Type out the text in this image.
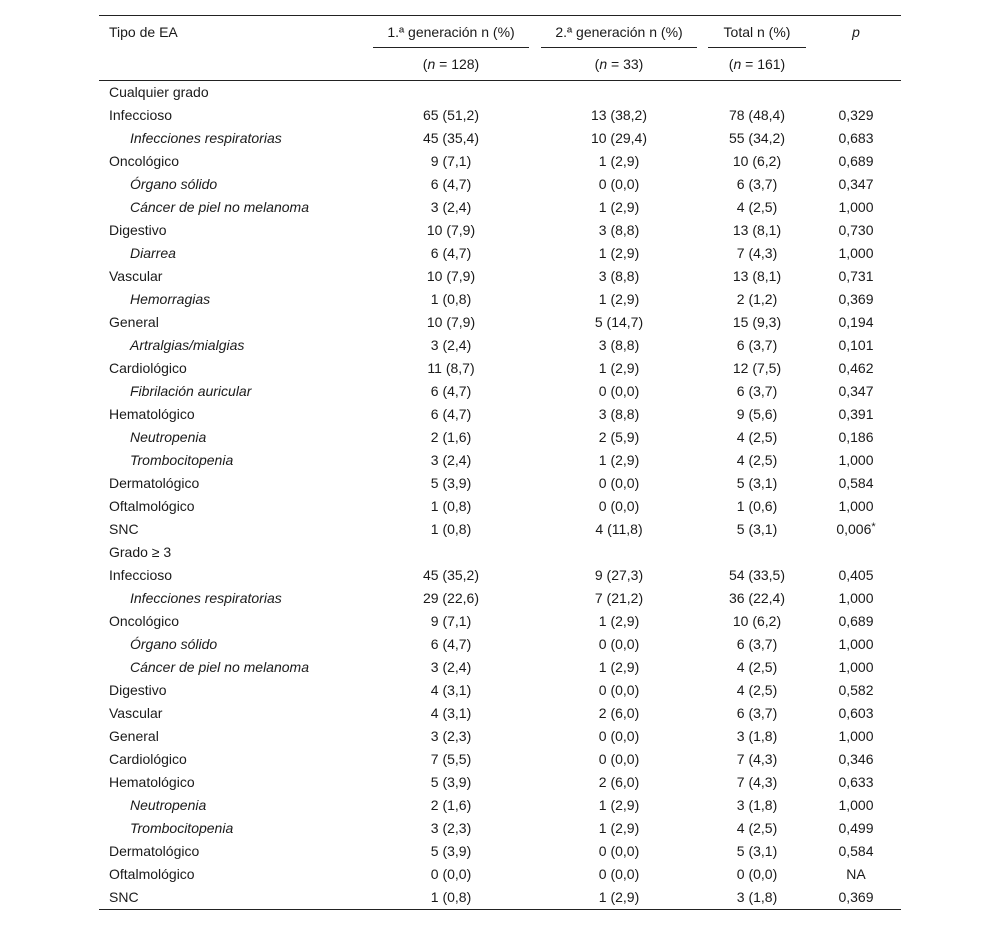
Tipo de EA	1.ª generación n (%)	2.ª generación n (%)	Total n (%)	p
	(n = 128)	(n = 33)	(n = 161)	
Cualquier grado				
Infeccioso	65 (51,2)	13 (38,2)	78 (48,4)	0,329
Infecciones respiratorias	45 (35,4)	10 (29,4)	55 (34,2)	0,683
Oncológico	9 (7,1)	1 (2,9)	10 (6,2)	0,689
Órgano sólido	6 (4,7)	0 (0,0)	6 (3,7)	0,347
Cáncer de piel no melanoma	3 (2,4)	1 (2,9)	4 (2,5)	1,000
Digestivo	10 (7,9)	3 (8,8)	13 (8,1)	0,730
Diarrea	6 (4,7)	1 (2,9)	7 (4,3)	1,000
Vascular	10 (7,9)	3 (8,8)	13 (8,1)	0,731
Hemorragias	1 (0,8)	1 (2,9)	2 (1,2)	0,369
General	10 (7,9)	5 (14,7)	15 (9,3)	0,194
Artralgias/mialgias	3 (2,4)	3 (8,8)	6 (3,7)	0,101
Cardiológico	11 (8,7)	1 (2,9)	12 (7,5)	0,462
Fibrilación auricular	6 (4,7)	0 (0,0)	6 (3,7)	0,347
Hematológico	6 (4,7)	3 (8,8)	9 (5,6)	0,391
Neutropenia	2 (1,6)	2 (5,9)	4 (2,5)	0,186
Trombocitopenia	3 (2,4)	1 (2,9)	4 (2,5)	1,000
Dermatológico	5 (3,9)	0 (0,0)	5 (3,1)	0,584
Oftalmológico	1 (0,8)	0 (0,0)	1 (0,6)	1,000
SNC	1 (0,8)	4 (11,8)	5 (3,1)	0,006*
Grado ≥ 3				
Infeccioso	45 (35,2)	9 (27,3)	54 (33,5)	0,405
Infecciones respiratorias	29 (22,6)	7 (21,2)	36 (22,4)	1,000
Oncológico	9 (7,1)	1 (2,9)	10 (6,2)	0,689
Órgano sólido	6 (4,7)	0 (0,0)	6 (3,7)	1,000
Cáncer de piel no melanoma	3 (2,4)	1 (2,9)	4 (2,5)	1,000
Digestivo	4 (3,1)	0 (0,0)	4 (2,5)	0,582
Vascular	4 (3,1)	2 (6,0)	6 (3,7)	0,603
General	3 (2,3)	0 (0,0)	3 (1,8)	1,000
Cardiológico	7 (5,5)	0 (0,0)	7 (4,3)	0,346
Hematológico	5 (3,9)	2 (6,0)	7 (4,3)	0,633
Neutropenia	2 (1,6)	1 (2,9)	3 (1,8)	1,000
Trombocitopenia	3 (2,3)	1 (2,9)	4 (2,5)	0,499
Dermatológico	5 (3,9)	0 (0,0)	5 (3,1)	0,584
Oftalmológico	0 (0,0)	0 (0,0)	0 (0,0)	NA
SNC	1 (0,8)	1 (2,9)	3 (1,8)	0,369
